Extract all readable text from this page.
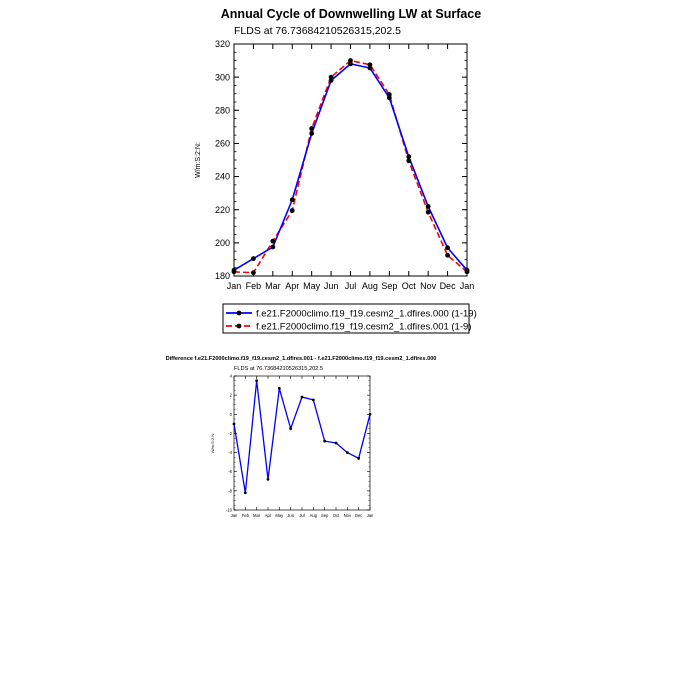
Annual Cycle of Downwelling LW at Surface
FLDS at 76.73684210526315,202.5
W/m:S:2:N:
Jan Feb Mar Apr May Jun Jul Aug Sep Oct Nov Dec Jan
180
200
220
240
260
280
300
320
f.e21.F2000climo.f19_f19.cesm2_1.dfires.000 (1-19)
f.e21.F2000climo.f19_f19.cesm2_1.dfires.001 (1-9)
Difference f.e21.F2000climo.f19_f19.cesm2_1.dfires.001 - f.e21.F2000climo.f19_f19.cesm2_1.dfires.000
FLDS at 76.73684210526315,202.5
W/m:S:2:N:
Jan Feb Mar Apr May Jun Jul Aug Sep Oct Nov Dec Jan
4
2
0
-2
-4
-6
-8
-10
